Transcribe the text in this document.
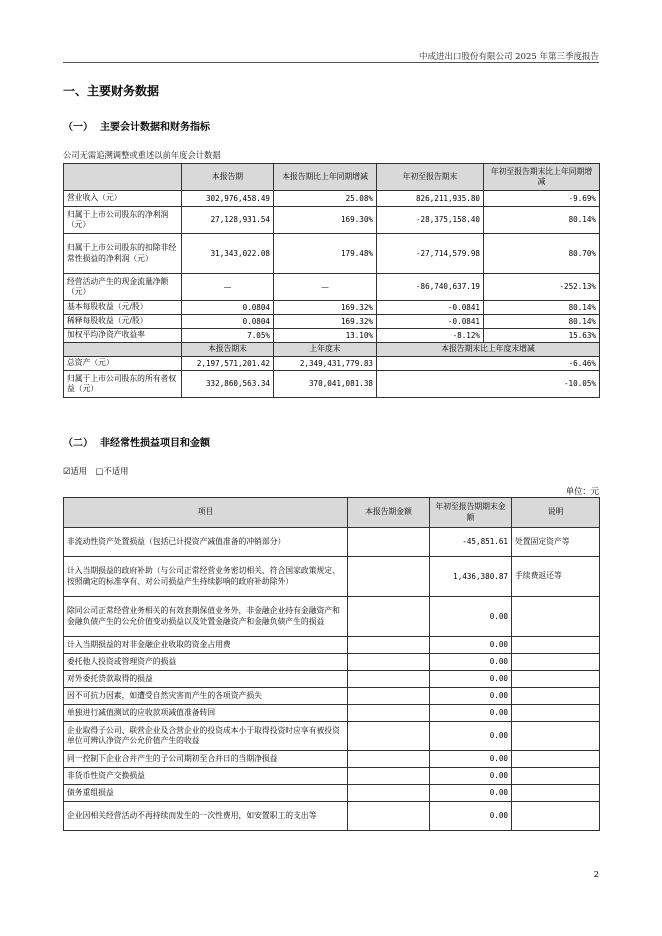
中成进出口股份有限公司 2025 年第三季度报告
一、主要财务数据
（一）  主要会计数据和财务指标
公司无需追溯调整或重述以前年度会计数据
	本报告期	本报告期比上年同期增减	年初至报告期末	年初至报告期末比上年同期增减
营业收入（元）	302,976,458.49	25.08%	826,211,935.80	-9.69%
归属于上市公司股东的净利润（元）	27,128,931.54	169.30%	-28,375,158.40	80.14%
归属于上市公司股东的扣除非经常性损益的净利润（元）	31,343,022.08	179.48%	-27,714,579.98	80.70%
经营活动产生的现金流量净额（元）	—	—	-86,740,637.19	-252.13%
基本每股收益（元/股）	0.0804	169.32%	-0.0841	80.14%
稀释每股收益（元/股）	0.0804	169.32%	-0.0841	80.14%
加权平均净资产收益率	7.05%	13.10%	-8.12%	15.63%
	本报告期末	上年度末	本报告期末比上年度末增减	
总资产（元）	2,197,571,201.42	2,349,431,779.83	-6.46%	
归属于上市公司股东的所有者权益（元）	332,860,563.34	370,041,081.38	-10.05%	
（二）  非经常性损益项目和金额
☑适用 □不适用
单位：元
项目	本报告期金额	年初至报告期期末金额	说明
非流动性资产处置损益（包括已计提资产减值准备的冲销部分）		-45,851.61	处置固定资产等
计入当期损益的政府补助（与公司正常经营业务密切相关、符合国家政策规定、按照确定的标准享有、对公司损益产生持续影响的政府补助除外）		1,436,380.87	手续费返还等
除同公司正常经营业务相关的有效套期保值业务外，非金融企业持有金融资产和金融负债产生的公允价值变动损益以及处置金融资产和金融负债产生的损益		0.00	
计入当期损益的对非金融企业收取的资金占用费		0.00	
委托他人投资或管理资产的损益		0.00	
对外委托贷款取得的损益		0.00	
因不可抗力因素，如遭受自然灾害而产生的各项资产损失		0.00	
单独进行减值测试的应收款项减值准备转回		0.00	
企业取得子公司、联营企业及合营企业的投资成本小于取得投资时应享有被投资单位可辨认净资产公允价值产生的收益		0.00	
同一控制下企业合并产生的子公司期初至合并日的当期净损益		0.00	
非货币性资产交换损益		0.00	
债务重组损益		0.00	
企业因相关经营活动不再持续而发生的一次性费用，如安置职工的支出等		0.00	
2
